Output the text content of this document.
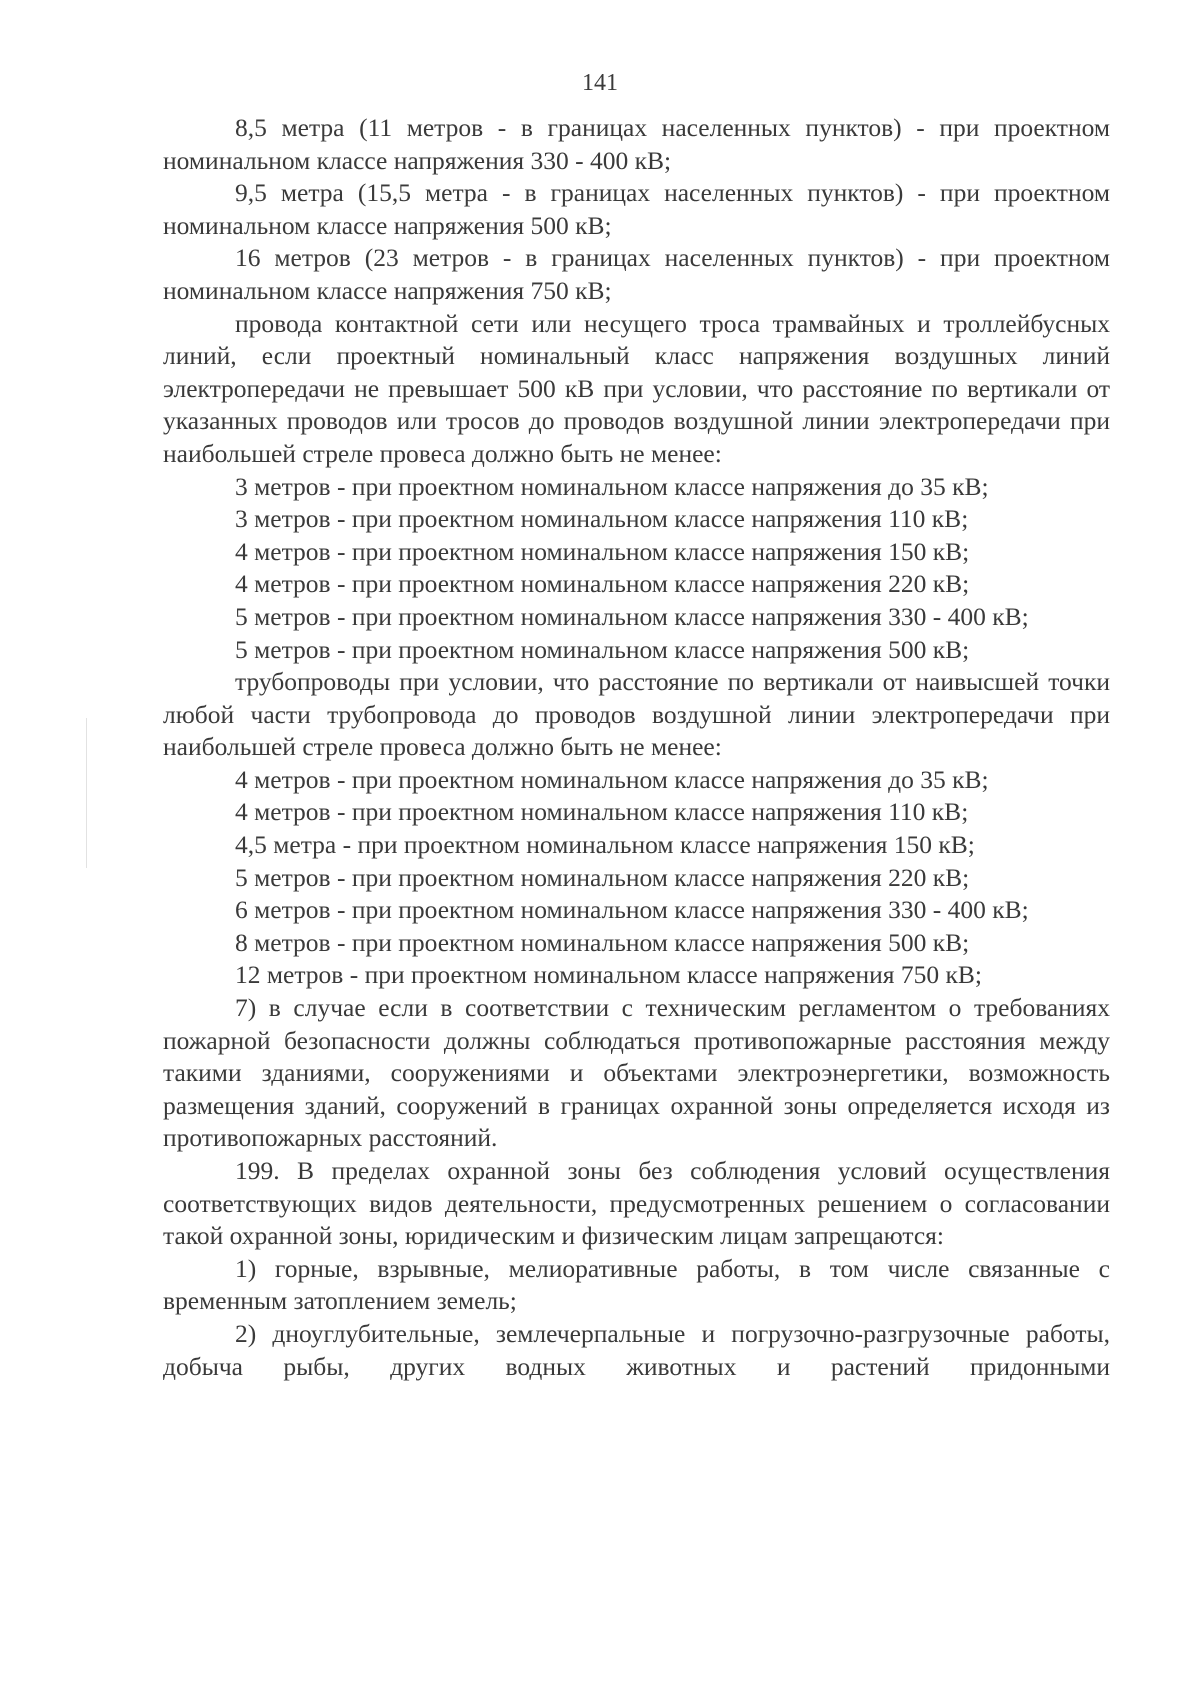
141

8,5 метра (11 метров - в границах населенных пунктов) - при проектном номинальном классе напряжения 330 - 400 кВ;

9,5 метра (15,5 метра - в границах населенных пунктов) - при проектном номинальном классе напряжения 500 кВ;

16 метров (23 метров - в границах населенных пунктов) - при проектном номинальном классе напряжения 750 кВ;

провода контактной сети или несущего троса трамвайных и троллейбусных линий, если проектный номинальный класс напряжения воздушных линий электропередачи не превышает 500 кВ при условии, что расстояние по вертикали от указанных проводов или тросов до проводов воздушной линии электропередачи при наибольшей стреле провеса должно быть не менее:

3 метров - при проектном номинальном классе напряжения до 35 кВ;

3 метров - при проектном номинальном классе напряжения 110 кВ;

4 метров - при проектном номинальном классе напряжения 150 кВ;

4 метров - при проектном номинальном классе напряжения 220 кВ;

5 метров - при проектном номинальном классе напряжения 330 - 400 кВ;

5 метров - при проектном номинальном классе напряжения 500 кВ;

трубопроводы при условии, что расстояние по вертикали от наивысшей точки любой части трубопровода до проводов воздушной линии электропередачи при наибольшей стреле провеса должно быть не менее:

4 метров - при проектном номинальном классе напряжения до 35 кВ;

4 метров - при проектном номинальном классе напряжения 110 кВ;

4,5 метра - при проектном номинальном классе напряжения 150 кВ;

5 метров - при проектном номинальном классе напряжения 220 кВ;

6 метров - при проектном номинальном классе напряжения 330 - 400 кВ;

8 метров - при проектном номинальном классе напряжения 500 кВ;

12 метров - при проектном номинальном классе напряжения 750 кВ;

7) в случае если в соответствии с техническим регламентом о требованиях пожарной безопасности должны соблюдаться противопожарные расстояния между такими зданиями, сооружениями и объектами электроэнергетики, возможность размещения зданий, сооружений в границах охранной зоны определяется исходя из противопожарных расстояний.

199. В пределах охранной зоны без соблюдения условий осуществления соответствующих видов деятельности, предусмотренных решением о согласовании такой охранной зоны, юридическим и физическим лицам запрещаются:

1) горные, взрывные, мелиоративные работы, в том числе связанные с временным затоплением земель;

2) дноуглубительные, землечерпальные и погрузочно-разгрузочные работы, добыча рыбы, других водных животных и растений придонными
